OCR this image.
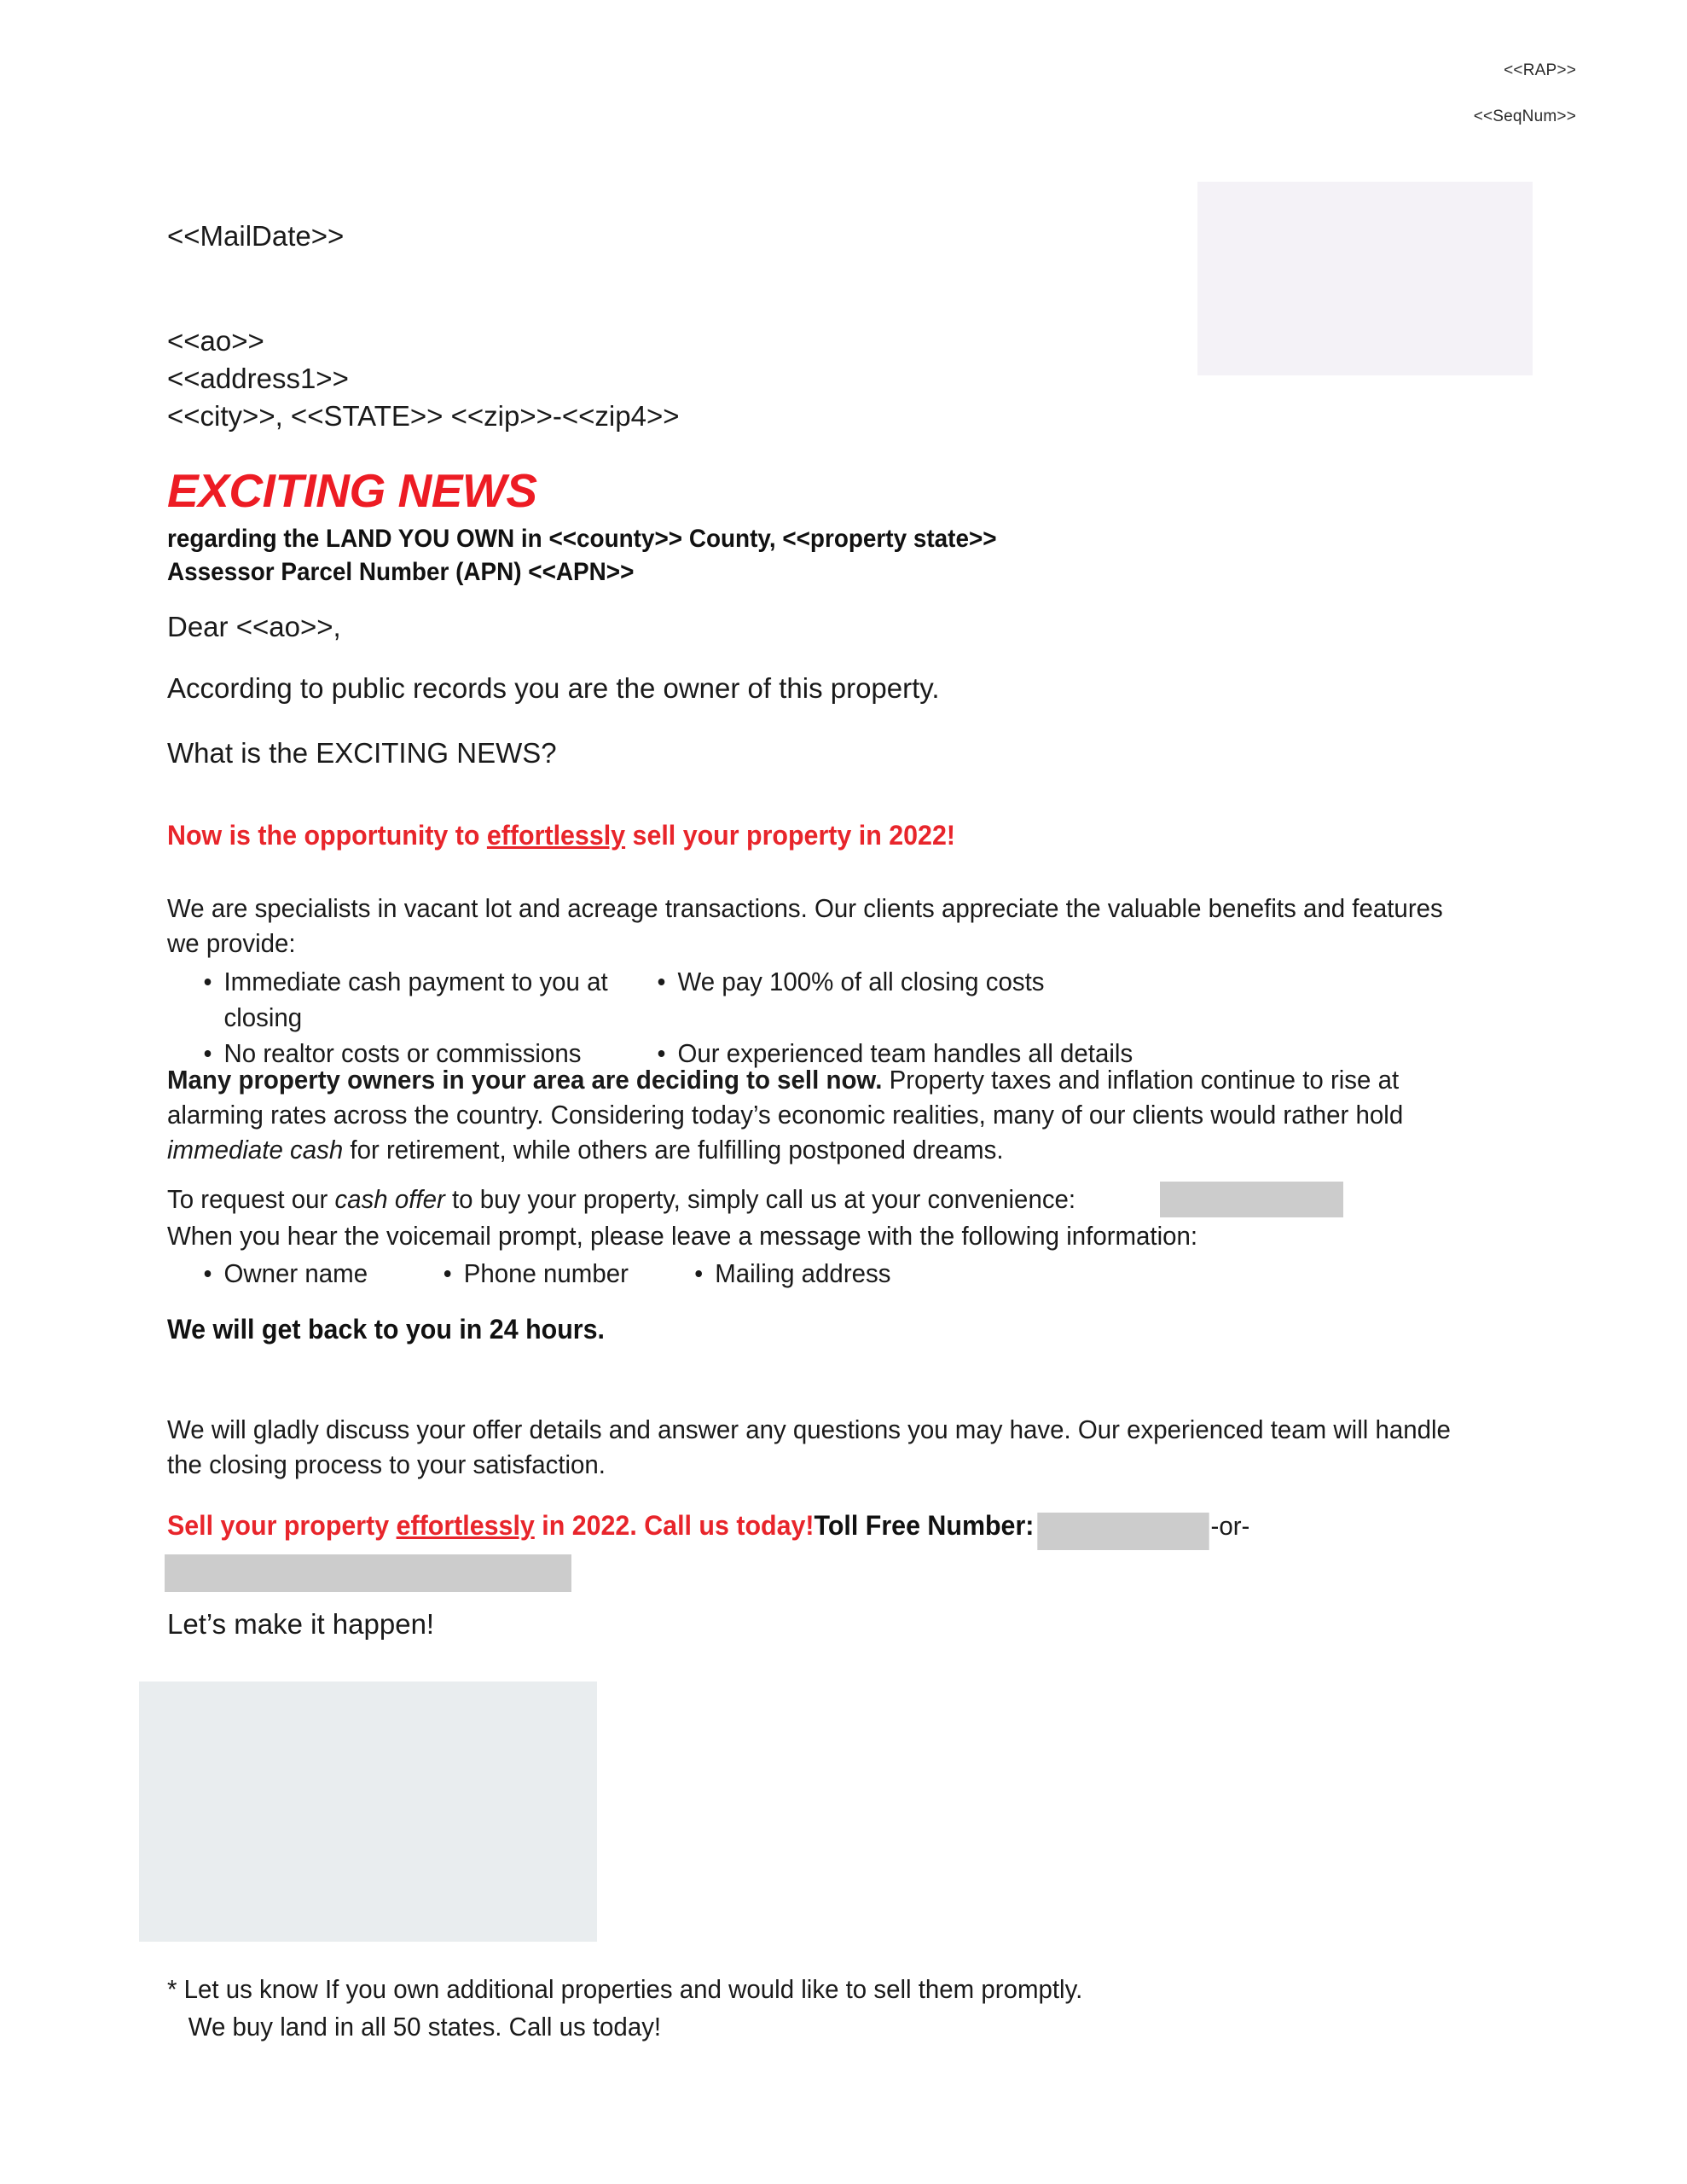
<<RAP>>
<<SeqNum>>
<<MailDate>>
<<ao>>
<<address1>>
<<city>>, <<STATE>> <<zip>>-<<zip4>>
EXCITING NEWS
regarding the LAND YOU OWN in <<county>> County, <<property state>>
Assessor Parcel Number (APN) <<APN>>
Dear <<ao>>,
According to public records you are the owner of this property.
What is the EXCITING NEWS?
Now is the opportunity to effortlessly sell your property in 2022!
We are specialists in vacant lot and acreage transactions. Our clients appreciate the valuable benefits and features we provide:
Immediate cash payment to you at closing
We pay 100% of all closing costs
No realtor costs or commissions	Our experienced team handles all details
Many property owners in your area are deciding to sell now. Property taxes and inflation continue to rise at alarming rates across the country. Considering today’s economic realities, many of our clients would rather hold immediate cash for retirement, while others are fulfilling postponed dreams.
To request our cash offer to buy your property, simply call us at your convenience:
When you hear the voicemail prompt, please leave a message with the following information:
Owner name	Phone number	Mailing address
We will get back to you in 24 hours.
We will gladly discuss your offer details and answer any questions you may have. Our experienced team will handle the closing process to your satisfaction.
Sell your property effortlessly in 2022. Call us today!Toll Free Number:	-or-
Let’s make it happen!
* Let us know If you own additional properties and would like to sell them promptly.
We buy land in all 50 states. Call us today!
